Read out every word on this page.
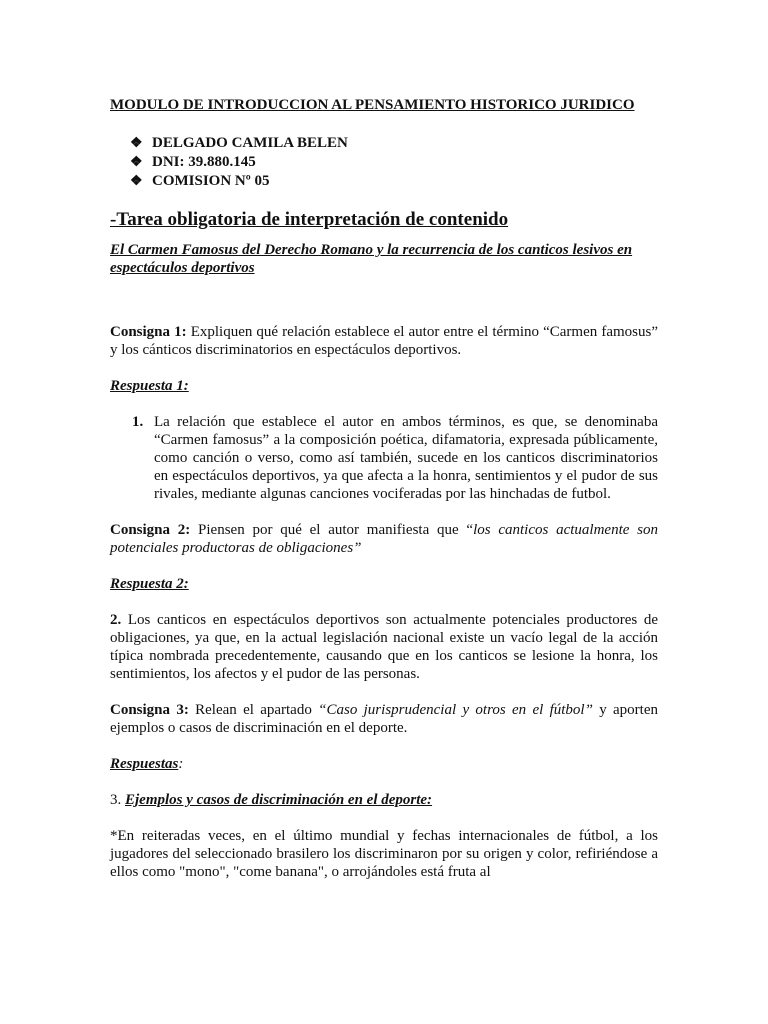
MODULO DE INTRODUCCION AL PENSAMIENTO HISTORICO JURIDICO

❖ DELGADO CAMILA BELEN
❖ DNI: 39.880.145
❖ COMISION Nº 05

-Tarea obligatoria de interpretación de contenido

El Carmen Famosus del Derecho Romano y la recurrencia de los canticos lesivos en espectáculos deportivos

Consigna 1: Expliquen qué relación establece el autor entre el término “Carmen famosus” y los cánticos discriminatorios en espectáculos deportivos.

Respuesta 1:

1. La relación que establece el autor en ambos términos, es que, se denominaba “Carmen famosus” a la composición poética, difamatoria, expresada públicamente, como canción o verso, como así también, sucede en los canticos discriminatorios en espectáculos deportivos, ya que afecta a la honra, sentimientos y el pudor de sus rivales, mediante algunas canciones vociferadas por las hinchadas de futbol.

Consigna 2: Piensen por qué el autor manifiesta que “los canticos actualmente son potenciales productoras de obligaciones”

Respuesta 2:

2. Los canticos en espectáculos deportivos son actualmente potenciales productores de obligaciones, ya que, en la actual legislación nacional existe un vacío legal de la acción típica nombrada precedentemente, causando que en los canticos se lesione la honra, los sentimientos, los afectos y el pudor de las personas.

Consigna 3: Relean el apartado “Caso jurisprudencial y otros en el fútbol” y aporten ejemplos o casos de discriminación en el deporte.

Respuestas:

3. Ejemplos y casos de discriminación en el deporte:

*En reiteradas veces, en el último mundial y fechas internacionales de fútbol, a los jugadores del seleccionado brasilero los discriminaron por su origen y color, refiriéndose a ellos como "mono", "come banana", o arrojándoles está fruta al
